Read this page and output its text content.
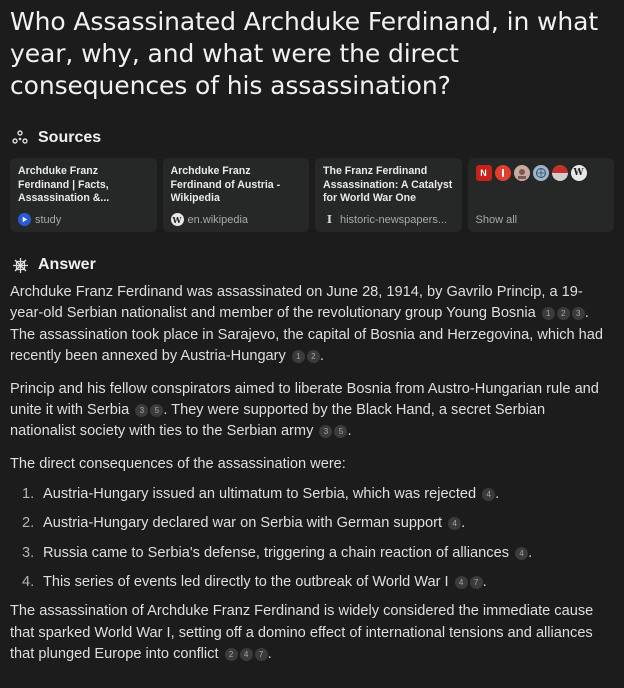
Who Assassinated Archduke Ferdinand, in what year, why, and what were the direct consequences of his assassination?
Sources
Archduke Franz Ferdinand | Facts, Assassination &...
study
Archduke Franz Ferdinand of Austria - Wikipedia
W en.wikipedia
The Franz Ferdinand Assassination: A Catalyst for World War One
I historic-newspapers...
N	W
Show all
Answer

Archduke Franz Ferdinand was assassinated on June 28, 1914, by Gavrilo Princip, a 19-year-old Serbian nationalist and member of the revolutionary group Young Bosnia 1 2 3 . The assassination took place in Sarajevo, the capital of Bosnia and Herzegovina, which had recently been annexed by Austria-Hungary 1 2 .

Princip and his fellow conspirators aimed to liberate Bosnia from Austro-Hungarian rule and unite it with Serbia 3 5 . They were supported by the Black Hand, a secret Serbian nationalist society with ties to the Serbian army 3 5 .

The direct consequences of the assassination were:

1. Austria-Hungary issued an ultimatum to Serbia, which was rejected 4 .
2. Austria-Hungary declared war on Serbia with German support 4 .
3. Russia came to Serbia's defense, triggering a chain reaction of alliances 4 .
4. This series of events led directly to the outbreak of World War I 4 7 .

The assassination of Archduke Franz Ferdinand is widely considered the immediate cause that sparked World War I, setting off a domino effect of international tensions and alliances that plunged Europe into conflict 2 4 7 .
